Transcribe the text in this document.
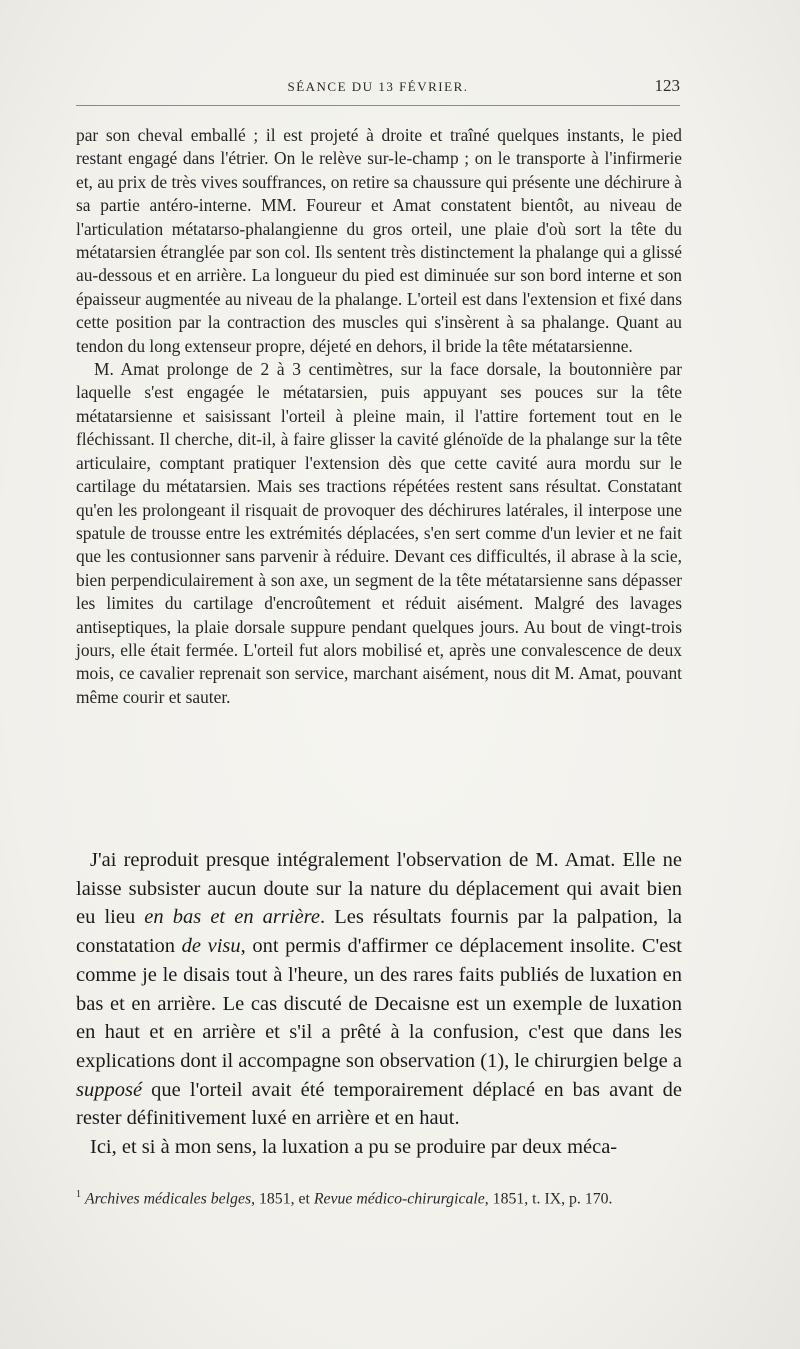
SÉANCE DU 13 FÉVRIER.	123

par son cheval emballé ; il est projeté à droite et traîné quelques instants, le pied restant engagé dans l'étrier. On le relève sur-le-champ ; on le transporte à l'infirmerie et, au prix de très vives souffrances, on retire sa chaussure qui présente une déchirure à sa partie antéro-interne. MM. Foureur et Amat constatent bientôt, au niveau de l'articulation métatarso-phalangienne du gros orteil, une plaie d'où sort la tête du métatarsien étranglée par son col. Ils sentent très distinctement la phalange qui a glissé au-dessous et en arrière. La longueur du pied est diminuée sur son bord interne et son épaisseur augmentée au niveau de la phalange. L'orteil est dans l'extension et fixé dans cette position par la contraction des muscles qui s'insèrent à sa phalange. Quant au tendon du long extenseur propre, déjeté en dehors, il bride la tête métatarsienne.

M. Amat prolonge de 2 à 3 centimètres, sur la face dorsale, la boutonnière par laquelle s'est engagée le métatarsien, puis appuyant ses pouces sur la tête métatarsienne et saisissant l'orteil à pleine main, il l'attire fortement tout en le fléchissant. Il cherche, dit-il, à faire glisser la cavité glénoïde de la phalange sur la tête articulaire, comptant pratiquer l'extension dès que cette cavité aura mordu sur le cartilage du métatarsien. Mais ses tractions répétées restent sans résultat. Constatant qu'en les prolongeant il risquait de provoquer des déchirures latérales, il interpose une spatule de trousse entre les extrémités déplacées, s'en sert comme d'un levier et ne fait que les contusionner sans parvenir à réduire. Devant ces difficultés, il abrase à la scie, bien perpendiculairement à son axe, un segment de la tête métatarsienne sans dépasser les limites du cartilage d'encroûtement et réduit aisément. Malgré des lavages antiseptiques, la plaie dorsale suppure pendant quelques jours. Au bout de vingt-trois jours, elle était fermée. L'orteil fut alors mobilisé et, après une convalescence de deux mois, ce cavalier reprenait son service, marchant aisément, nous dit M. Amat, pouvant même courir et sauter.

J'ai reproduit presque intégralement l'observation de M. Amat. Elle ne laisse subsister aucun doute sur la nature du déplacement qui avait bien eu lieu en bas et en arrière. Les résultats fournis par la palpation, la constatation de visu, ont permis d'affirmer ce déplacement insolite. C'est comme je le disais tout à l'heure, un des rares faits publiés de luxation en bas et en arrière. Le cas discuté de Decaisne est un exemple de luxation en haut et en arrière et s'il a prêté à la confusion, c'est que dans les explications dont il accompagne son observation (1), le chirurgien belge a supposé que l'orteil avait été temporairement déplacé en bas avant de rester définitivement luxé en arrière et en haut.

Ici, et si à mon sens, la luxation a pu se produire par deux méca-

$^1$ Archives médicales belges, 1851, et Revue médico-chirurgicale, 1851, t. IX, p. 170.
